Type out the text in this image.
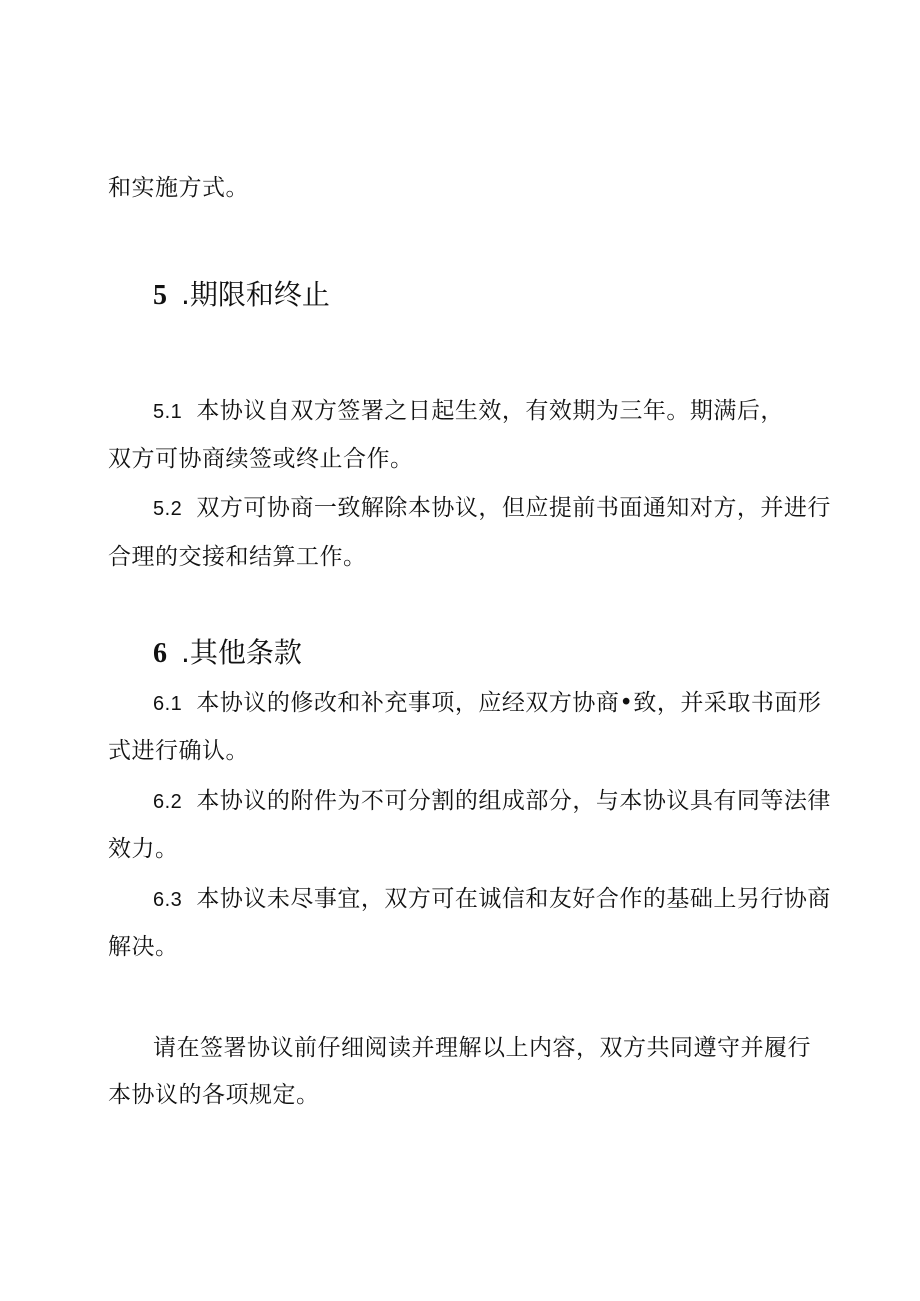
和实施方式。
5 .期限和终止
5.1 本协议自双方签署之日起生效，有效期为三年。期满后，
双方可协商续签或终止合作。
5.2 双方可协商一致解除本协议，但应提前书面通知对方，并进行
合理的交接和结算工作。
6 .其他条款
6.1 本协议的修改和补充事项，应经双方协商•致，并采取书面形
式进行确认。
6.2 本协议的附件为不可分割的组成部分，与本协议具有同等法律
效力。
6.3 本协议未尽事宜，双方可在诚信和友好合作的基础上另行协商
解决。
请在签署协议前仔细阅读并理解以上内容，双方共同遵守并履行
本协议的各项规定。
